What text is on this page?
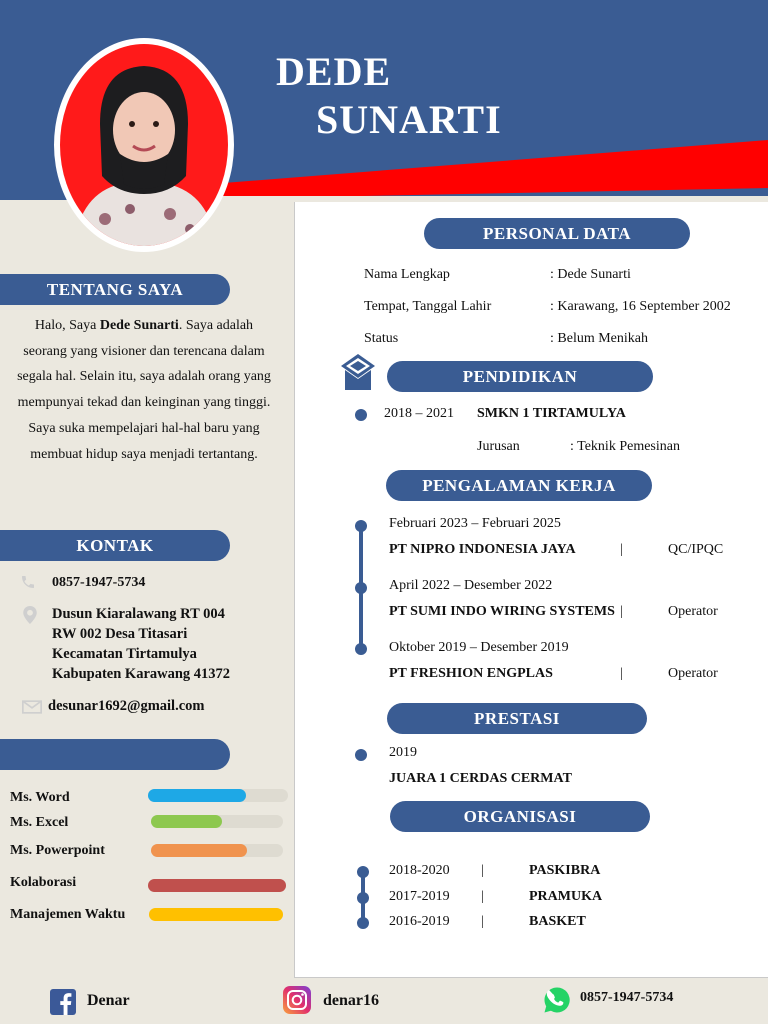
DEDE
SUNARTI
TENTANG SAYA
Halo, Saya Dede Sunarti. Saya adalah seorang yang visioner dan terencana dalam segala hal. Selain itu, saya adalah orang yang mempunyai tekad dan keinginan yang tinggi. Saya suka mempelajari hal-hal baru yang membuat hidup saya menjadi tertantang.
KONTAK
0857-1947-5734
Dusun Kiaralawang RT 004
RW 002 Desa Titasari
Kecamatan Tirtamulya
Kabupaten Karawang 41372
desunar1692@gmail.com
Ms. Word
Ms. Excel
Ms. Powerpoint
Kolaborasi
Manajemen Waktu
PERSONAL DATA
Nama Lengkap	: Dede Sunarti
Tempat, Tanggal Lahir	: Karawang, 16 September 2002
Status	: Belum Menikah
PENDIDIKAN
2018 – 2021 SMKN 1 TIRTAMULYA
Jurusan	: Teknik Pemesinan
PENGALAMAN KERJA
Februari 2023 – Februari 2025
PT NIPRO INDONESIA JAYA	|	QC/IPQC
April 2022 – Desember 2022
PT SUMI INDO WIRING SYSTEMS |	Operator
Oktober 2019 – Desember 2019
PT FRESHION ENGPLAS	|	Operator
PRESTASI
2019
JUARA 1 CERDAS CERMAT
ORGANISASI
2018-2020 |	PASKIBRA
2017-2019 |	PRAMUKA
2016-2019 |	BASKET
Denar	denar16	0857-1947-5734
